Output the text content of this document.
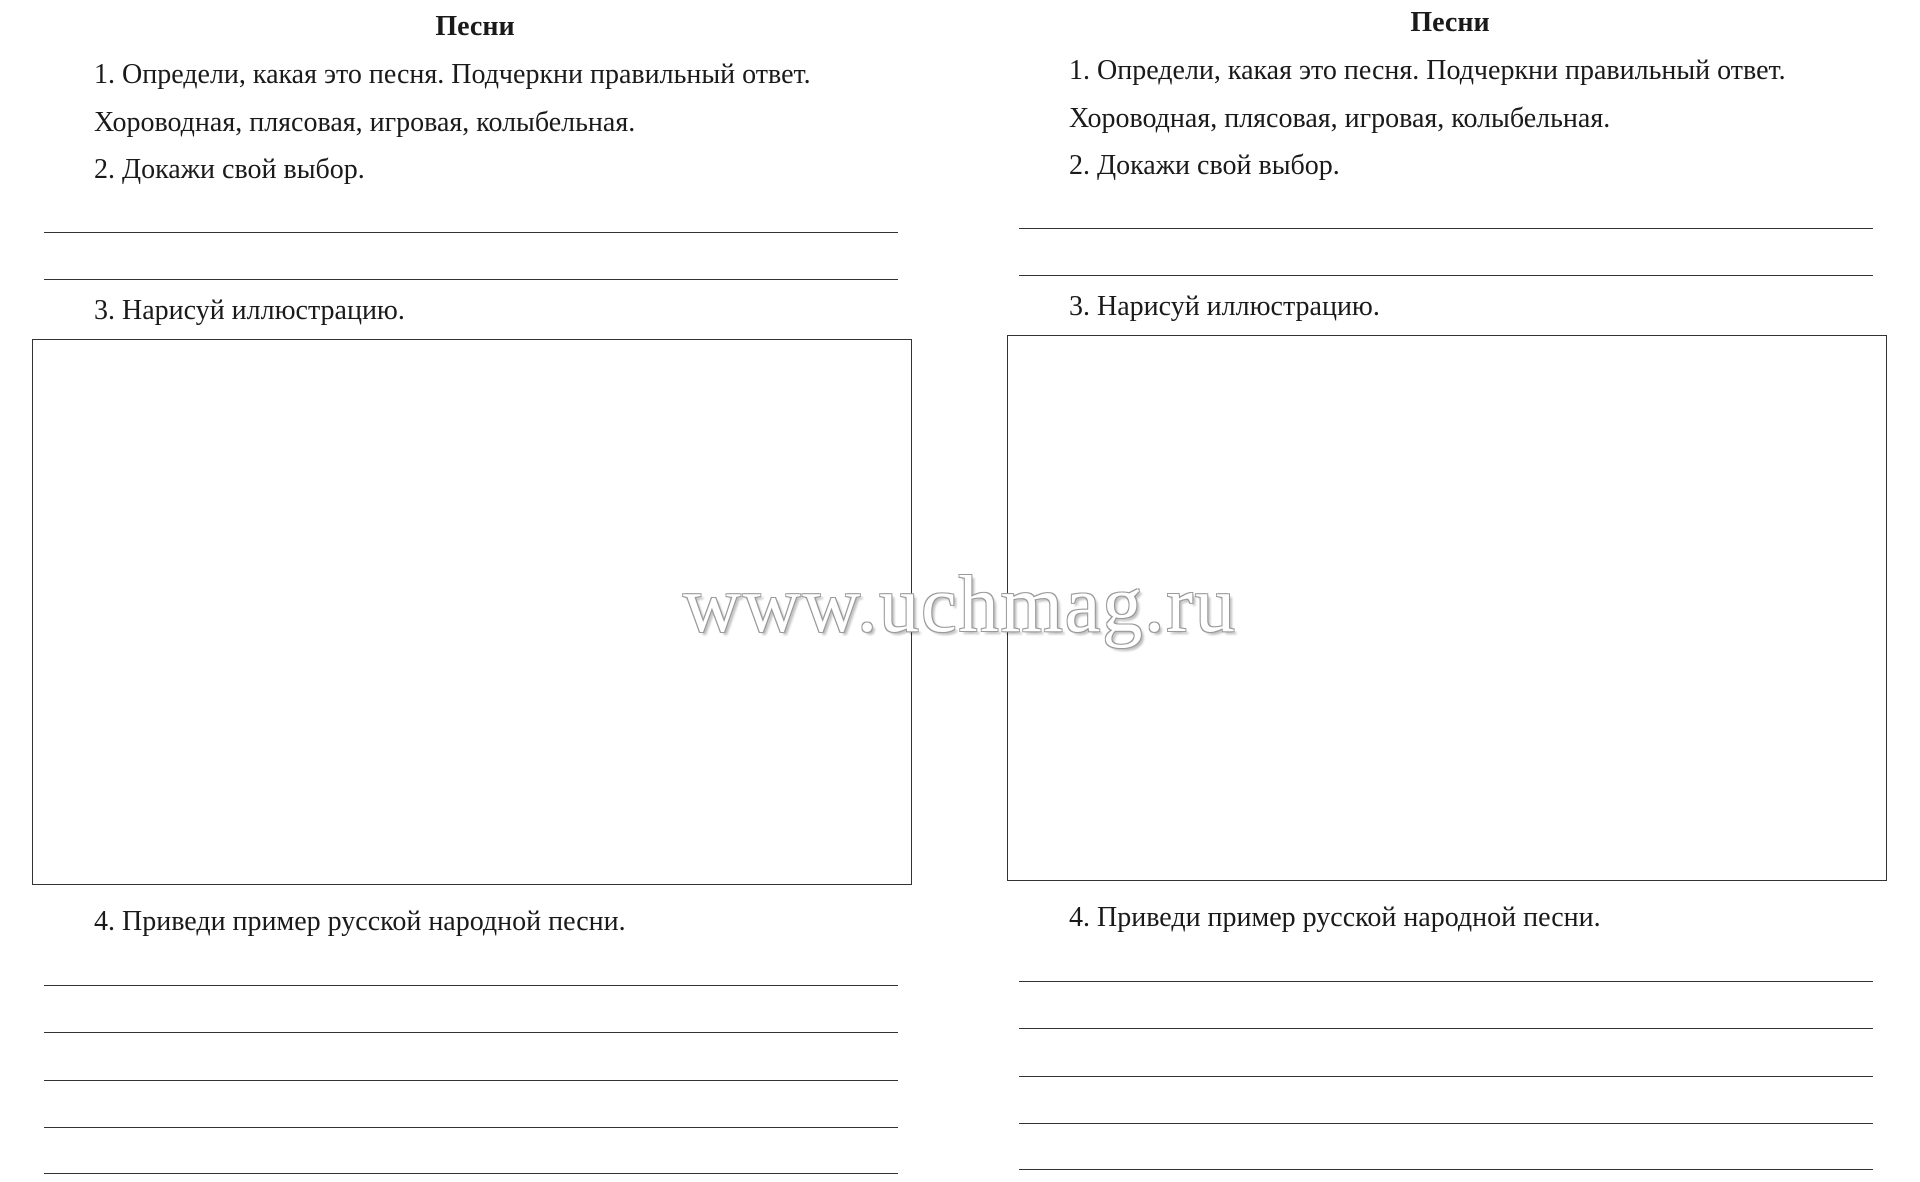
Песни
1. Определи, какая это песня. Подчеркни правильный ответ.
Хороводная, плясовая, игровая, колыбельная.
2. Докажи свой выбор.
3. Нарисуй иллюстрацию.
4. Приведи пример русской народной песни.
Песни
1. Определи, какая это песня. Подчеркни правильный ответ.
Хороводная, плясовая, игровая, колыбельная.
2. Докажи свой выбор.
3. Нарисуй иллюстрацию.
4. Приведи пример русской народной песни.
www.uchmag.ru
